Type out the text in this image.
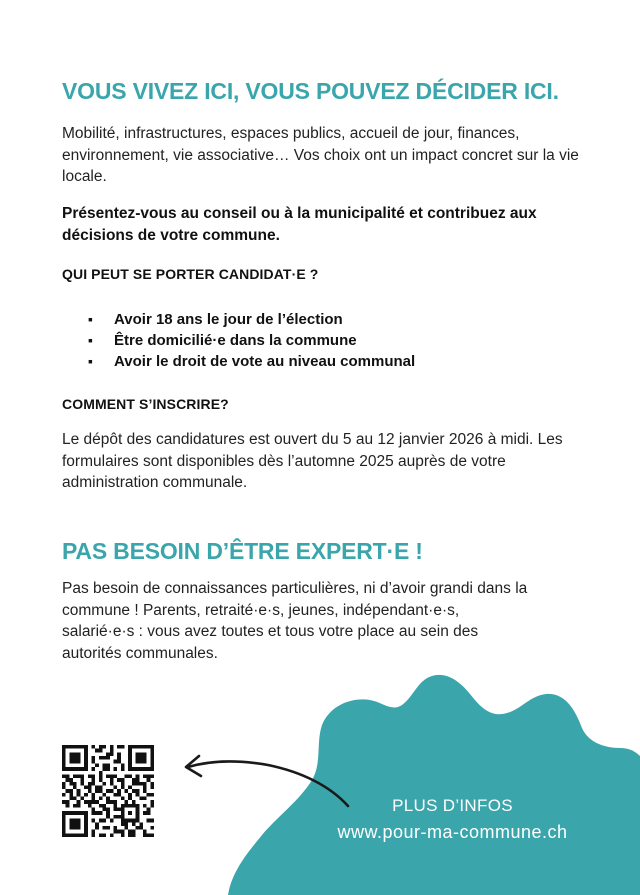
VOUS VIVEZ ICI, VOUS POUVEZ DÉCIDER ICI.

Mobilité, infrastructures, espaces publics, accueil de jour, finances, environnement, vie associative… Vos choix ont un impact concret sur la vie locale.

Présentez-vous au conseil ou à la municipalité et contribuez aux décisions de votre commune.

QUI PEUT SE PORTER CANDIDAT·E ?
▪ Avoir 18 ans le jour de l’élection
▪ Être domicilié·e dans la commune
▪ Avoir le droit de vote au niveau communal
COMMENT S’INSCRIRE?

Le dépôt des candidatures est ouvert du 5 au 12 janvier 2026 à midi. Les formulaires sont disponibles dès l’automne 2025 auprès de votre administration communale.

PAS BESOIN D’ÊTRE EXPERT·E !

Pas besoin de connaissances particulières, ni d’avoir grandi dans la commune ! Parents, retraité·e·s, jeunes, indépendant·e·s, salarié·e·s : vous avez toutes et tous votre place au sein des autorités communales.

PLUS D’INFOS
www.pour-ma-commune.ch
